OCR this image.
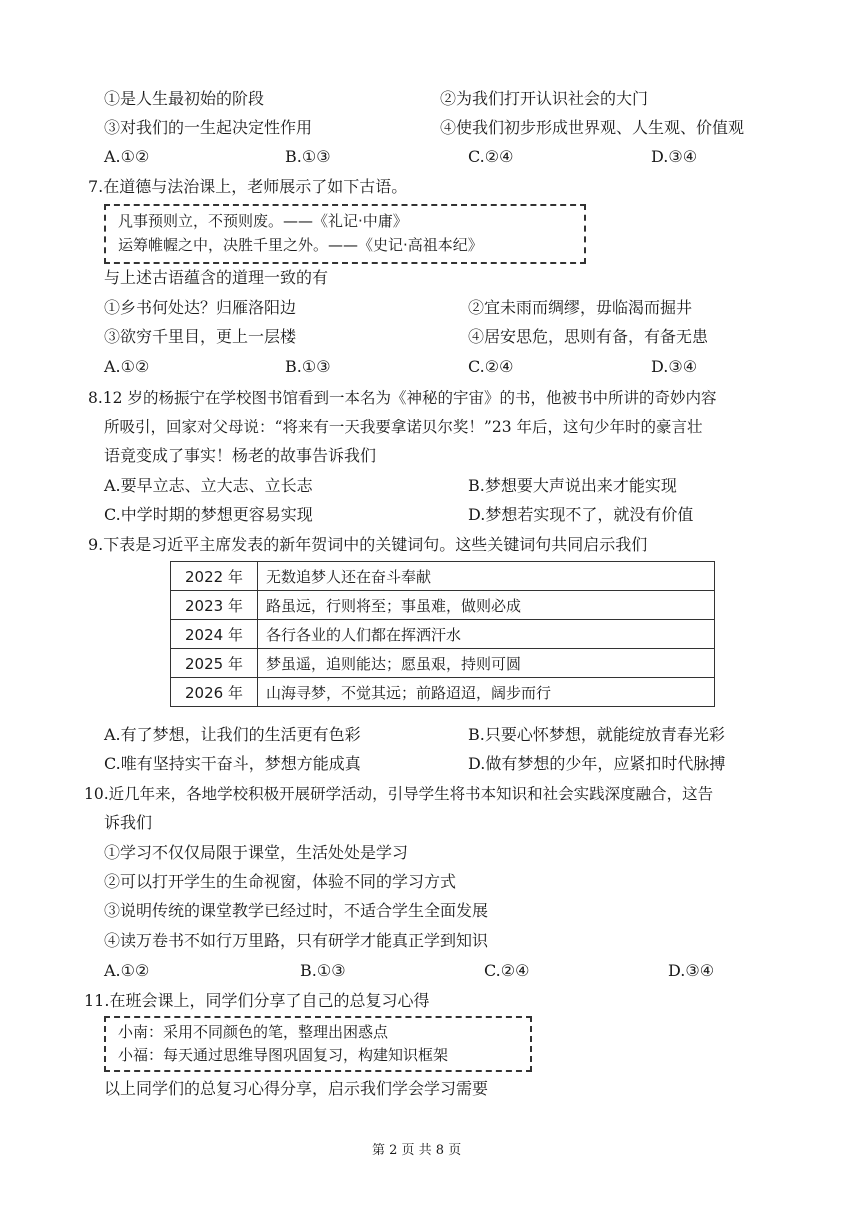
①是人生最初始的阶段	②为我们打开认识社会的大门
③对我们的一生起决定性作用	④使我们初步形成世界观、人生观、价值观
A.①②	B.①③	C.②④	D.③④
7.在道德与法治课上，老师展示了如下古语。
凡事预则立，不预则废。——《礼记·中庸》
运筹帷幄之中，决胜千里之外。——《史记·高祖本纪》
与上述古语蕴含的道理一致的有
①乡书何处达？归雁洛阳边	②宜未雨而绸缪，毋临渴而掘井
③欲穷千里目，更上一层楼	④居安思危，思则有备，有备无患
A.①②	B.①③	C.②④	D.③④
8.12 岁的杨振宁在学校图书馆看到一本名为《神秘的宇宙》的书，他被书中所讲的奇妙内容
所吸引，回家对父母说：“将来有一天我要拿诺贝尔奖！”23 年后，这句少年时的豪言壮
语竟变成了事实！杨老的故事告诉我们
A.要早立志、立大志、立长志	B.梦想要大声说出来才能实现
C.中学时期的梦想更容易实现	D.梦想若实现不了，就没有价值
9.下表是习近平主席发表的新年贺词中的关键词句。这些关键词句共同启示我们
2022 年	无数追梦人还在奋斗奉献
2023 年	路虽远，行则将至；事虽难，做则必成
2024 年	各行各业的人们都在挥洒汗水
2025 年	梦虽遥，追则能达；愿虽艰，持则可圆
2026 年	山海寻梦，不觉其远；前路迢迢，阔步而行
A.有了梦想，让我们的生活更有色彩	B.只要心怀梦想，就能绽放青春光彩
C.唯有坚持实干奋斗，梦想方能成真	D.做有梦想的少年，应紧扣时代脉搏
10.近几年来，各地学校积极开展研学活动，引导学生将书本知识和社会实践深度融合，这告
诉我们
①学习不仅仅局限于课堂，生活处处是学习
②可以打开学生的生命视窗，体验不同的学习方式
③说明传统的课堂教学已经过时，不适合学生全面发展
④读万卷书不如行万里路，只有研学才能真正学到知识
A.①②	B.①③	C.②④	D.③④
11.在班会课上，同学们分享了自己的总复习心得
小南：采用不同颜色的笔，整理出困惑点
小福：每天通过思维导图巩固复习，构建知识框架
以上同学们的总复习心得分享，启示我们学会学习需要
第 2 页 共 8 页
